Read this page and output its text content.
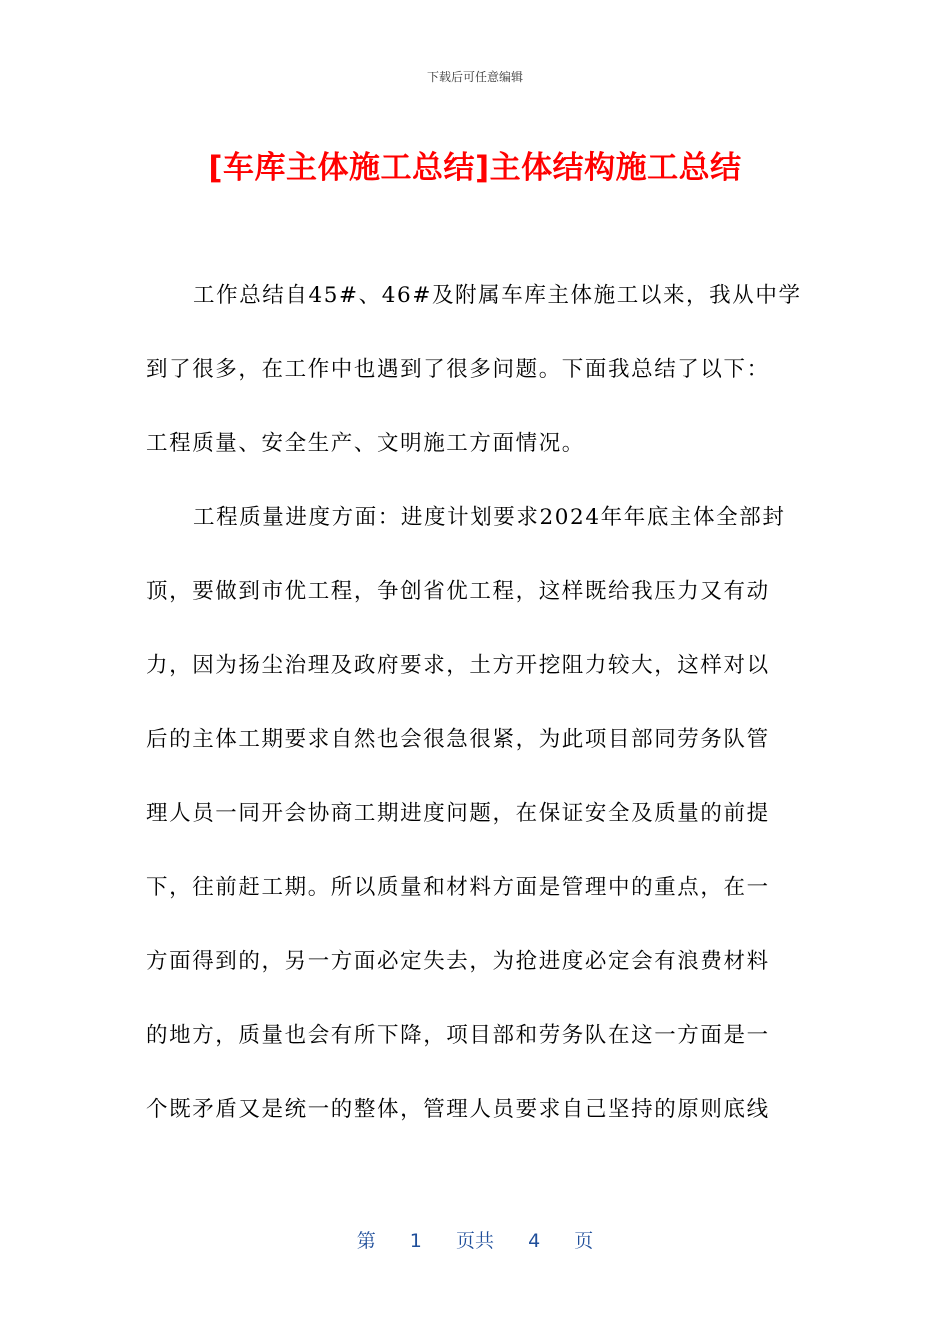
下载后可任意编辑
[车库主体施工总结]主体结构施工总结
工作总结自45#、46#及附属车库主体施工以来，我从中学
到了很多，在工作中也遇到了很多问题。下面我总结了以下：
工程质量、安全生产、文明施工方面情况。
工程质量进度方面：进度计划要求2024年年底主体全部封
顶，要做到市优工程，争创省优工程，这样既给我压力又有动
力，因为扬尘治理及政府要求，土方开挖阻力较大，这样对以
后的主体工期要求自然也会很急很紧，为此项目部同劳务队管
理人员一同开会协商工期进度问题，在保证安全及质量的前提
下，往前赶工期。所以质量和材料方面是管理中的重点，在一
方面得到的，另一方面必定失去，为抢进度必定会有浪费材料
的地方，质量也会有所下降，项目部和劳务队在这一方面是一
个既矛盾又是统一的整体，管理人员要求自己坚持的原则底线
第 1 页共 4 页
